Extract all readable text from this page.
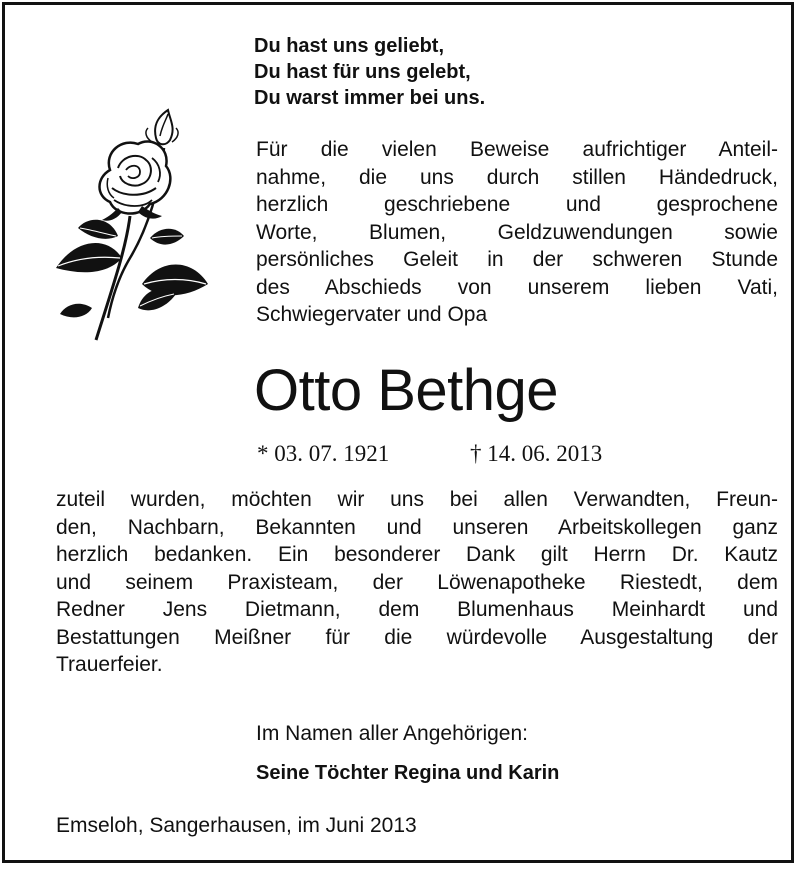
Du hast uns geliebt,
Du hast für uns gelebt,
Du warst immer bei uns.
Für die vielen Beweise aufrichtiger Anteil-
nahme, die uns durch stillen Händedruck,
herzlich geschriebene und gesprochene
Worte, Blumen, Geldzuwendungen sowie
persönliches Geleit in der schweren Stunde
des Abschieds von unserem lieben Vati,
Schwiegervater und Opa
Otto Bethge
* 03. 07. 1921	† 14. 06. 2013
zuteil wurden, möchten wir uns bei allen Verwandten, Freun-
den, Nachbarn, Bekannten und unseren Arbeitskollegen ganz
herzlich bedanken. Ein besonderer Dank gilt Herrn Dr. Kautz
und seinem Praxisteam, der Löwenapotheke Riestedt, dem
Redner Jens Dietmann, dem Blumenhaus Meinhardt und
Bestattungen Meißner für die würdevolle Ausgestaltung der
Trauerfeier.
Im Namen aller Angehörigen:
Seine Töchter Regina und Karin
Emseloh, Sangerhausen, im Juni 2013
